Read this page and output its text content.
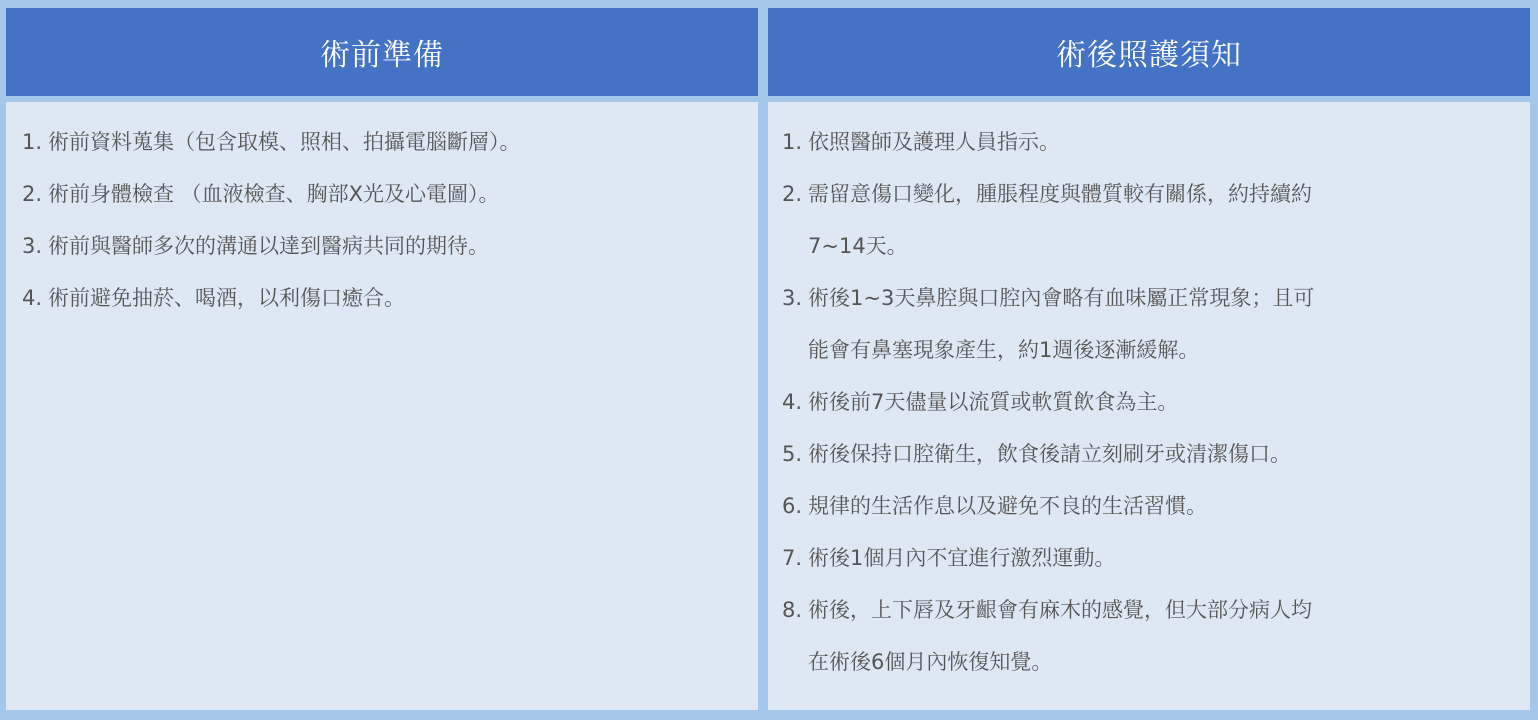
術前準備
1. 術前資料蒐集（包含取模、照相、拍攝電腦斷層）。
2. 術前身體檢查 （血液檢查、胸部X光及心電圖）。
3. 術前與醫師多次的溝通以達到醫病共同的期待。
4. 術前避免抽菸、喝酒，以利傷口癒合。
術後照護須知
1. 依照醫師及護理人員指示。
2. 需留意傷口變化，腫脹程度與體質較有關係，約持續約
7~14天。
3. 術後1~3天鼻腔與口腔內會略有血味屬正常現象；且可
能會有鼻塞現象產生，約1週後逐漸緩解。
4. 術後前7天儘量以流質或軟質飲食為主。
5. 術後保持口腔衛生，飲食後請立刻刷牙或清潔傷口。
6. 規律的生活作息以及避免不良的生活習慣。
7. 術後1個月內不宜進行激烈運動。
8. 術後，上下唇及牙齦會有麻木的感覺，但大部分病人均
在術後6個月內恢復知覺。
